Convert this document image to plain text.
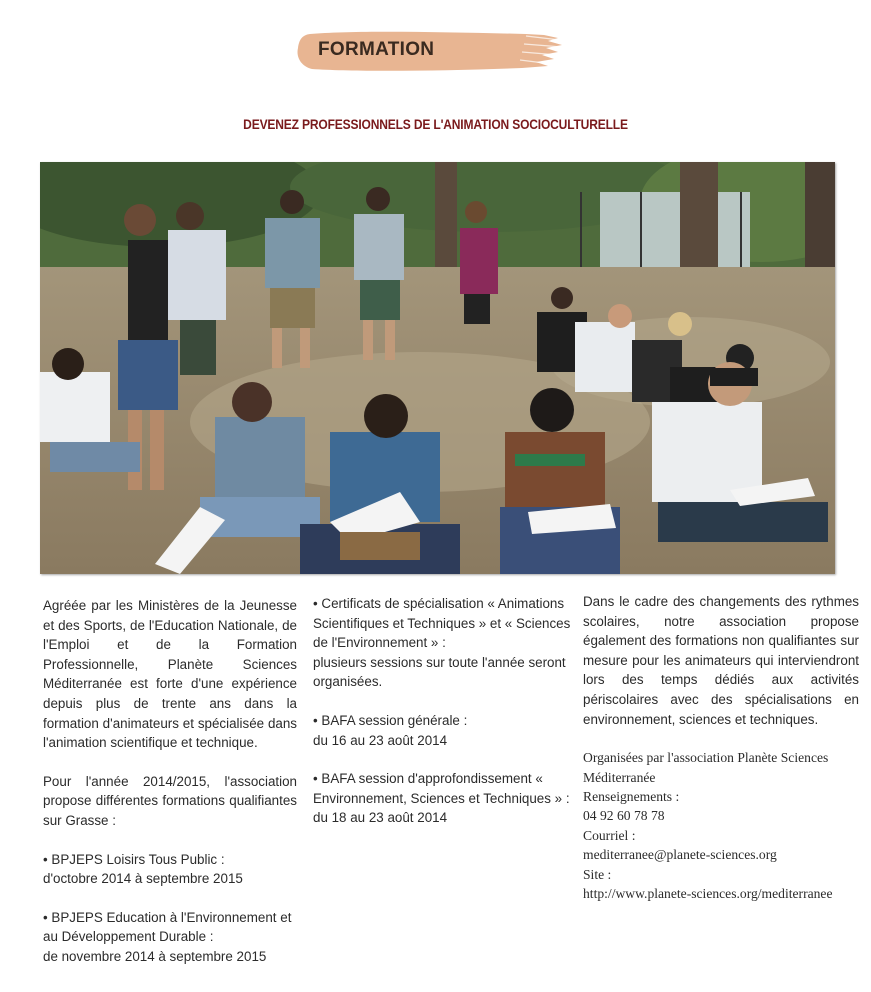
FORMATION
DEVENEZ PROFESSIONNELS DE L'ANIMATION SOCIOCULTURELLE

Agréée par les Ministères de la Jeunesse et des Sports, de l'Education Nationale, de l'Emploi et de la Formation Professionnelle, Planète Sciences Méditerranée est forte d'une expérience depuis plus de trente ans dans la formation d'animateurs et spécialisée dans l'animation scientifique et technique.

Pour l'année 2014/2015, l'association propose différentes formations qualifiantes sur Grasse :

• BPJEPS Loisirs Tous Public :

d'octobre 2014 à septembre 2015

• BPJEPS Education à l'Environnement et au Développement Durable :

de novembre 2014 à septembre 2015

• Certificats de spécialisation « Animations Scientifiques et Techniques » et « Sciences de l'Environnement » :

plusieurs sessions sur toute l'année seront organisées.

• BAFA session générale :

du 16 au 23 août 2014

• BAFA session d'approfondissement « Environnement, Sciences et Techniques » :

du 18 au 23 août 2014

Dans le cadre des changements des rythmes scolaires, notre association propose également des formations non qualifiantes sur mesure pour les animateurs qui interviendront lors des temps dédiés aux activités périscolaires avec des spécialisations en environnement, sciences et techniques.

Organisées par l'association Planète Sciences Méditerranée

Renseignements :

04 92 60 78 78

Courriel :

mediterranee@planete-sciences.org

Site :

http://www.planete-sciences.org/mediterranee
